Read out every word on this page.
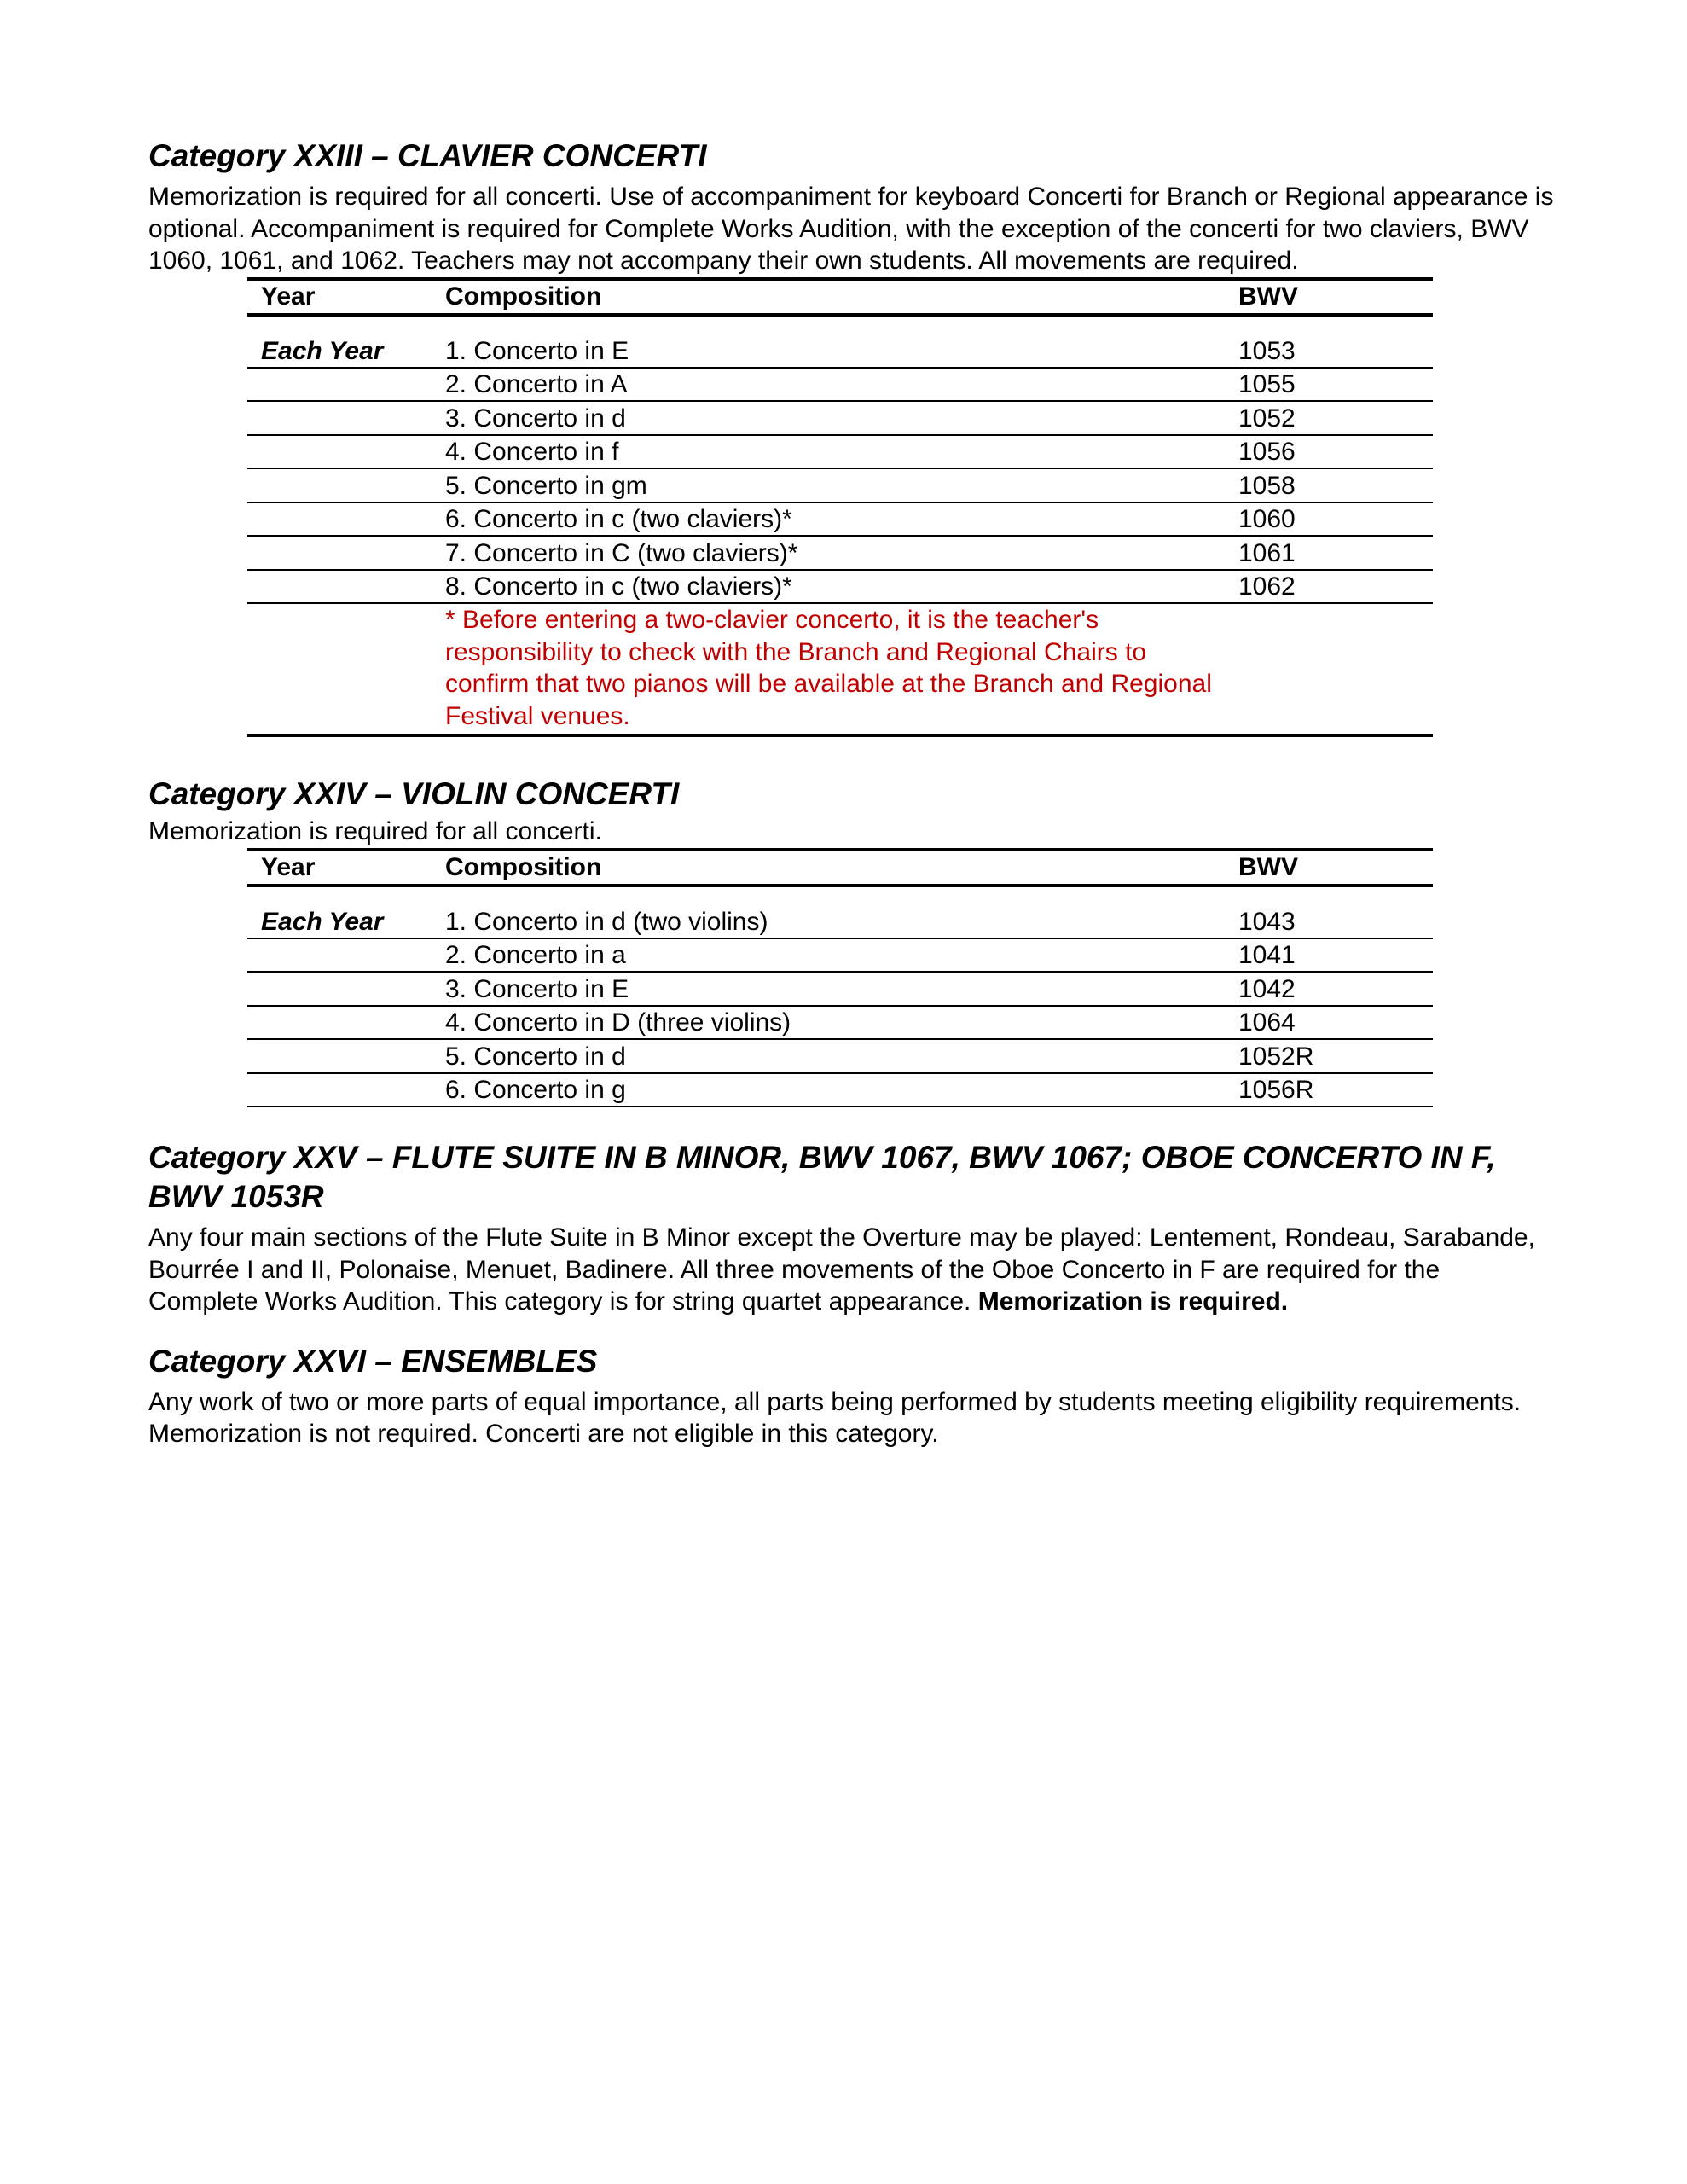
Category XXIII – CLAVIER CONCERTI

Memorization is required for all concerti. Use of accompaniment for keyboard Concerti for Branch or Regional appearance is optional. Accompaniment is required for Complete Works Audition, with the exception of the concerti for two claviers, BWV 1060, 1061, and 1062. Teachers may not accompany their own students. All movements are required.

Year	Composition	BWV
Each Year	1. Concerto in E	1053
2. Concerto in A	1055
3. Concerto in d	1052
4. Concerto in f	1056
5. Concerto in gm	1058
6. Concerto in c (two claviers)*	1060
7. Concerto in C (two claviers)*	1061
8. Concerto in c (two claviers)*	1062
* Before entering a two-clavier concerto, it is the teacher's responsibility to check with the Branch and Regional Chairs to confirm that two pianos will be available at the Branch and Regional Festival venues.
Category XXIV – VIOLIN CONCERTI

Memorization is required for all concerti.

Year	Composition	BWV
Each Year	1. Concerto in d (two violins)	1043
2. Concerto in a	1041
3. Concerto in E	1042
4. Concerto in D (three violins)	1064
5. Concerto in d	1052R
6. Concerto in g	1056R
Category XXV – FLUTE SUITE IN B MINOR, BWV 1067, BWV 1067; OBOE CONCERTO IN F, BWV 1053R

Any four main sections of the Flute Suite in B Minor except the Overture may be played: Lentement, Rondeau, Sarabande, Bourrée I and II, Polonaise, Menuet, Badinere. All three movements of the Oboe Concerto in F are required for the Complete Works Audition. This category is for string quartet appearance. Memorization is required.

Category XXVI – ENSEMBLES

Any work of two or more parts of equal importance, all parts being performed by students meeting eligibility requirements. Memorization is not required. Concerti are not eligible in this category.
